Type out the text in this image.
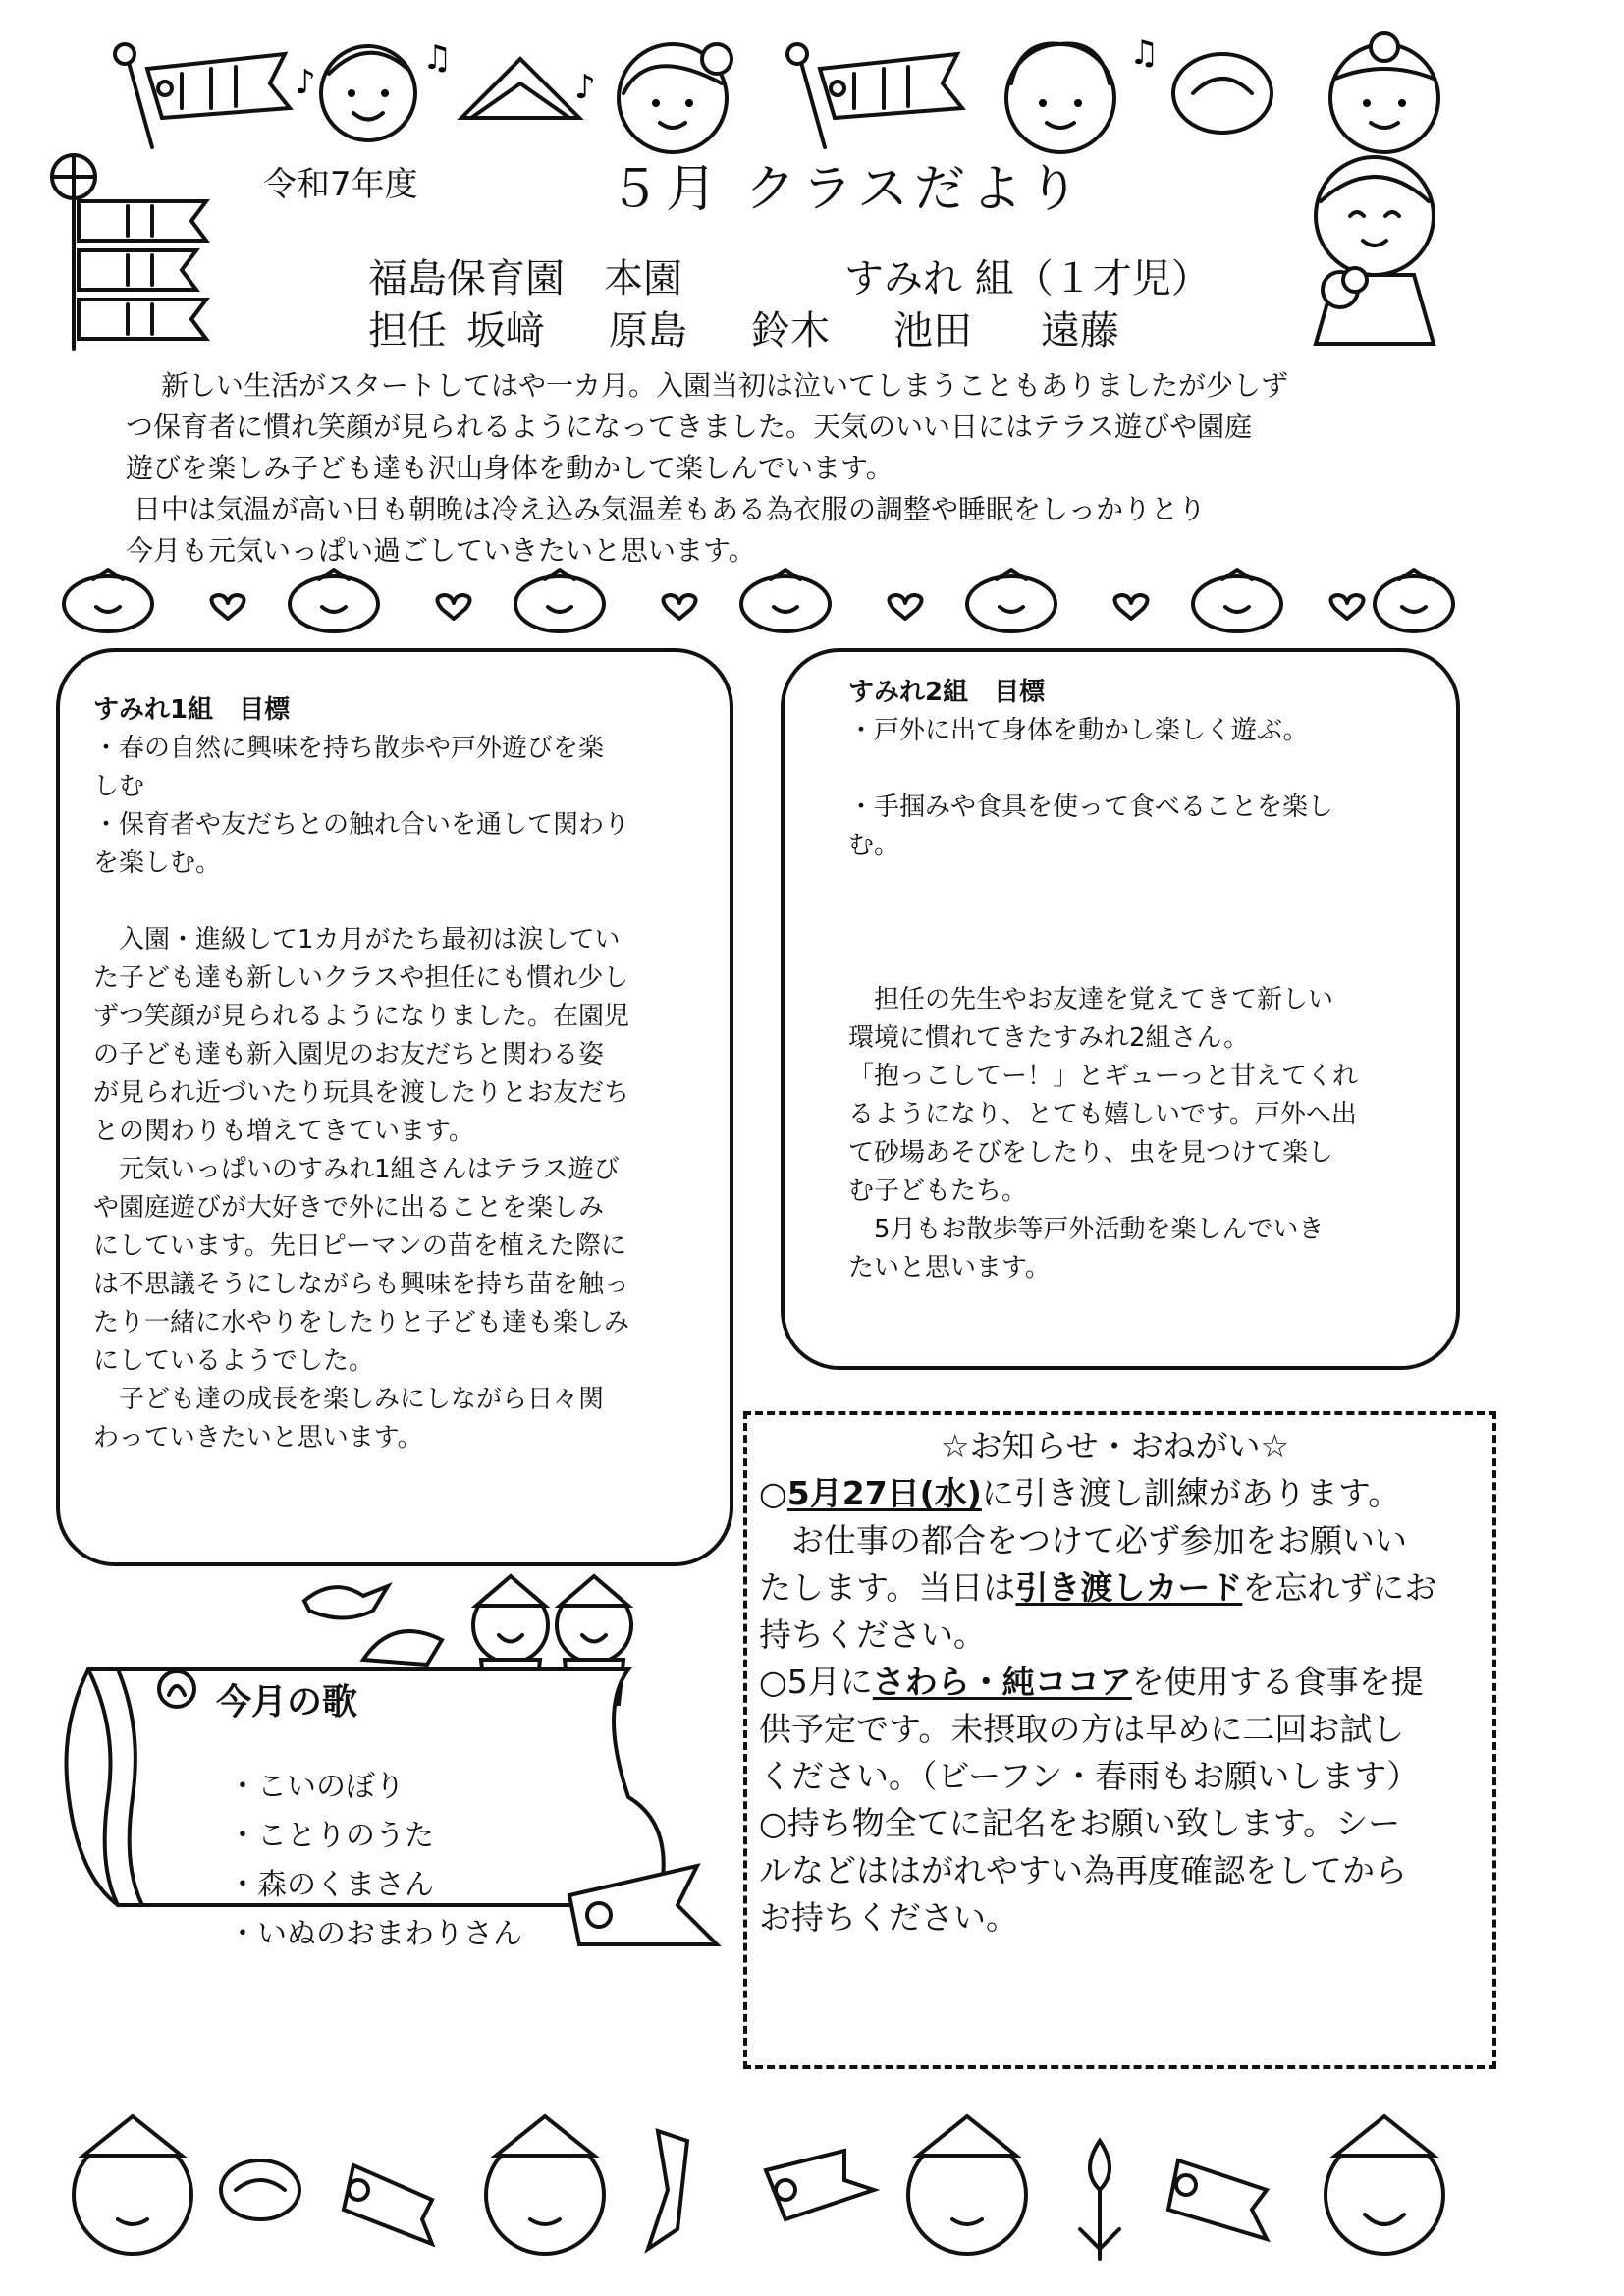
♪
♫
♪
♫
令和7年度	５月 クラスだより
福島保育園　本園	すみれ 組（１才児）
担任 坂﨑 原島 鈴木 池田 遠藤

新しい生活がスタートしてはや一カ月。入園当初は泣いてしまうこともありましたが少しず

つ保育者に慣れ笑顔が見られるようになってきました。天気のいい日にはテラス遊びや園庭

遊びを楽しみ子ども達も沢山身体を動かして楽しんでいます。

日中は気温が高い日も朝晩は冷え込み気温差もある為衣服の調整や睡眠をしっかりとり

今月も元気いっぱい過ごしていきたいと思います。

すみれ1組　目標

・春の自然に興味を持ち散歩や戸外遊びを楽

しむ

・保育者や友だちとの触れ合いを通して関わり

を楽しむ。

入園・進級して1カ月がたち最初は涙してい

た子ども達も新しいクラスや担任にも慣れ少し

ずつ笑顔が見られるようになりました。在園児

の子ども達も新入園児のお友だちと関わる姿

が見られ近づいたり玩具を渡したりとお友だち

との関わりも増えてきています。

元気いっぱいのすみれ1組さんはテラス遊び

や園庭遊びが大好きで外に出ることを楽しみ

にしています。先日ピーマンの苗を植えた際に

は不思議そうにしながらも興味を持ち苗を触っ

たり一緒に水やりをしたりと子ども達も楽しみ

にしているようでした。

子ども達の成長を楽しみにしながら日々関

わっていきたいと思います。

すみれ2組　目標

・戸外に出て身体を動かし楽しく遊ぶ。

・手掴みや食具を使って食べることを楽し

む。

担任の先生やお友達を覚えてきて新しい

環境に慣れてきたすみれ2組さん。

「抱っこしてー！」とギューっと甘えてくれ

るようになり、とても嬉しいです。戸外へ出

て砂場あそびをしたり、虫を見つけて楽し

む子どもたち。

5月もお散歩等戸外活動を楽しんでいき

たいと思います。

☆お知らせ・おねがい☆

○5月27日(水)に引き渡し訓練があります。

お仕事の都合をつけて必ず参加をお願いい

たします。当日は引き渡しカードを忘れずにお

持ちください。

○5月にさわら・純ココアを使用する食事を提

供予定です。未摂取の方は早めに二回お試し

ください。（ビーフン・春雨もお願いします）

○持ち物全てに記名をお願い致します。シー

ルなどははがれやすい為再度確認をしてから

お持ちください。

今月の歌

・こいのぼり

・ことりのうた

・森のくまさん

・いぬのおまわりさん
